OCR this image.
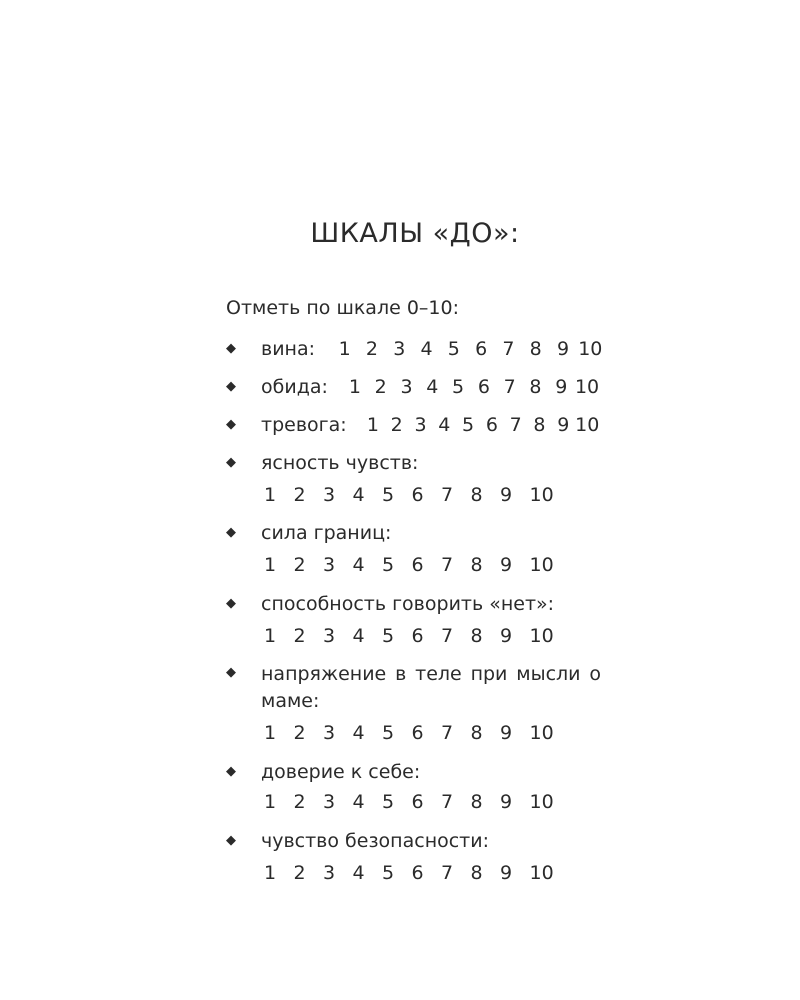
ШКАЛЫ «ДО»:

Отметь по шкале 0–10:

◆ вина:	1 2 3 4 5 6 7 8 9 10
◆ обида:	1 2 3 4 5 6 7 8 9 10
◆ тревога:	1 2 3 4 5 6 7 8 9 10
◆ ясность чувств:
1 2 3 4 5 6 7 8 9 10
◆ сила границ:
1 2 3 4 5 6 7 8 9 10
◆ способность говорить «нет»:
1 2 3 4 5 6 7 8 9 10
◆ напряжение в теле при мысли о маме:
1 2 3 4 5 6 7 8 9 10
◆ доверие к себе:
1 2 3 4 5 6 7 8 9 10
◆ чувство безопасности:
1 2 3 4 5 6 7 8 9 10
